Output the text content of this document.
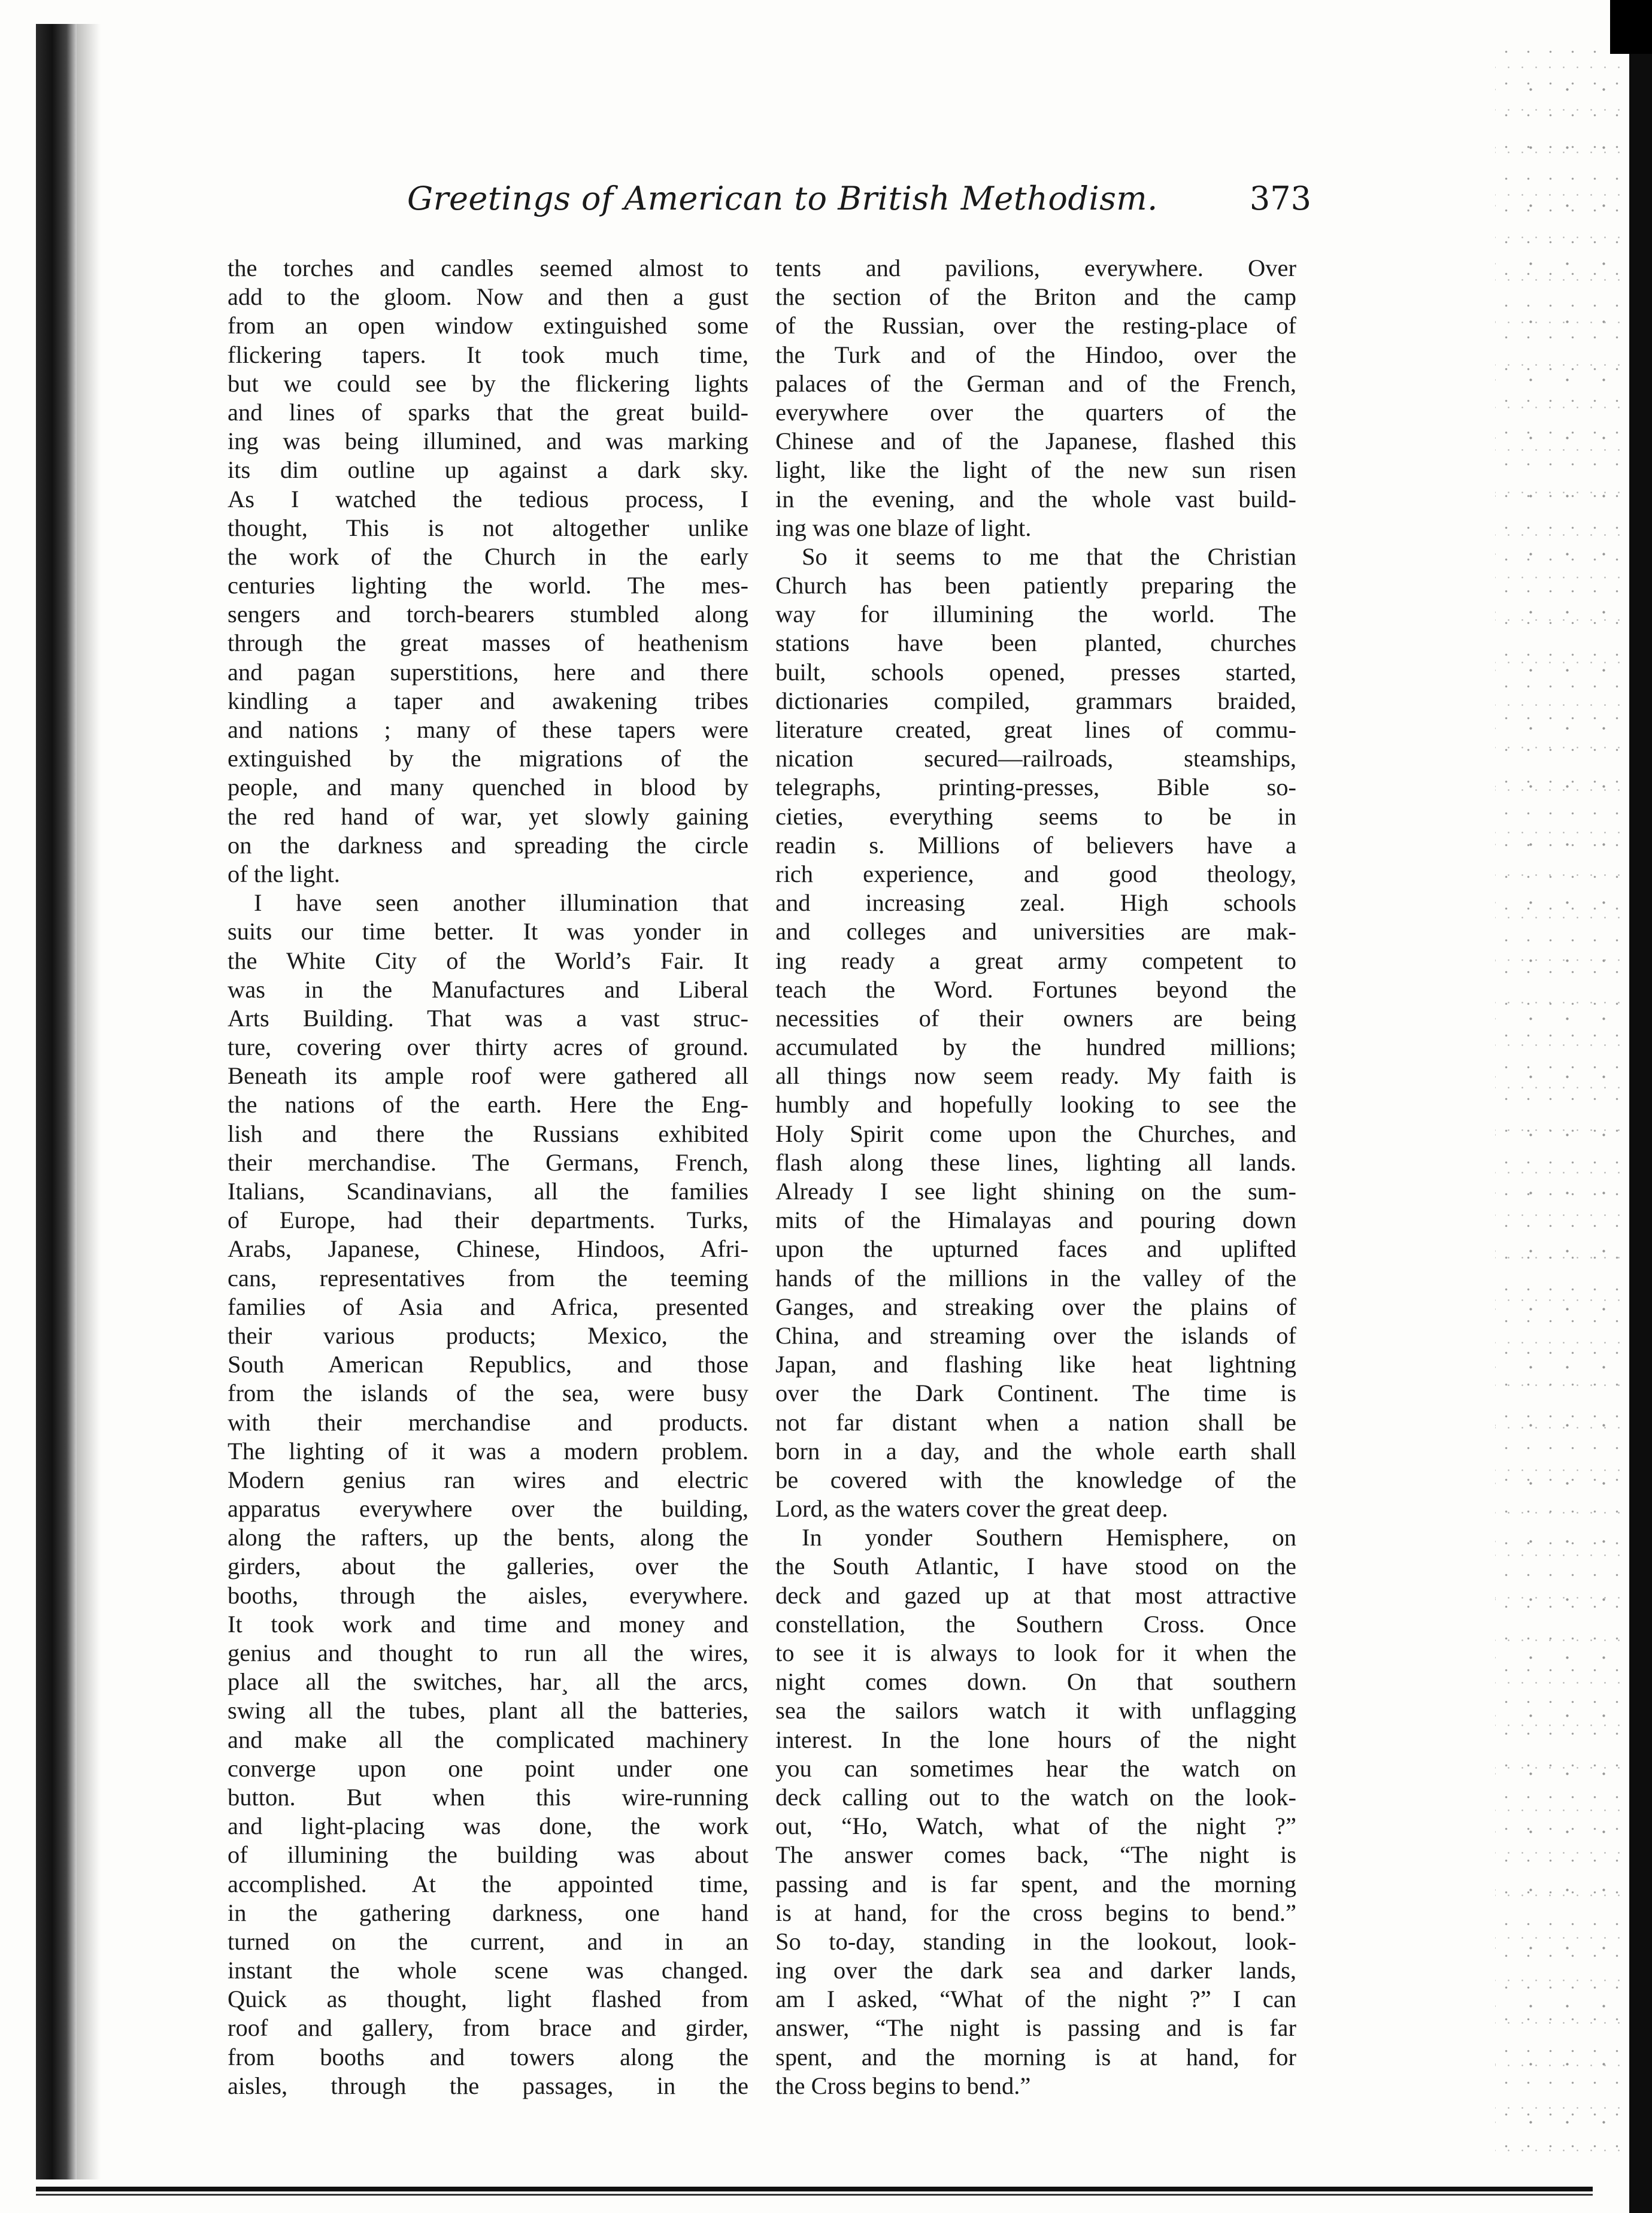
Greetings of American to British Methodism.	373
the torches and candles seemed almost to
add to the gloom. Now and then a gust
from an open window extinguished some
flickering tapers. It took much time,
but we could see by the flickering lights
and lines of sparks that the great build-
ing was being illumined, and was marking
its dim outline up against a dark sky.
As I watched the tedious process, I
thought, This is not altogether unlike
the work of the Church in the early
centuries lighting the world. The mes-
sengers and torch-bearers stumbled along
through the great masses of heathenism
and pagan superstitions, here and there
kindling a taper and awakening tribes
and nations ; many of these tapers were
extinguished by the migrations of the
people, and many quenched in blood by
the red hand of war, yet slowly gaining
on the darkness and spreading the circle
of the light.
I have seen another illumination that
suits our time better. It was yonder in
the White City of the World’s Fair. It
was in the Manufactures and Liberal
Arts Building. That was a vast struc-
ture, covering over thirty acres of ground.
Beneath its ample roof were gathered all
the nations of the earth. Here the Eng-
lish and there the Russians exhibited
their merchandise. The Germans, French,
Italians, Scandinavians, all the families
of Europe, had their departments. Turks,
Arabs, Japanese, Chinese, Hindoos, Afri-
cans, representatives from the teeming
families of Asia and Africa, presented
their various products; Mexico, the
South American Republics, and those
from the islands of the sea, were busy
with their merchandise and products.
The lighting of it was a modern problem.
Modern genius ran wires and electric
apparatus everywhere over the building,
along the rafters, up the bents, along the
girders, about the galleries, over the
booths, through the aisles, everywhere.
It took work and time and money and
genius and thought to run all the wires,
place all the switches, har¸ all the arcs,
swing all the tubes, plant all the batteries,
and make all the complicated machinery
converge upon one point under one
button. But when this wire-running
and light-placing was done, the work
of illumining the building was about
accomplished. At the appointed time,
in the gathering darkness, one hand
turned on the current, and in an
instant the whole scene was changed.
Quick as thought, light flashed from
roof and gallery, from brace and girder,
from booths and towers along the
aisles, through the passages, in the
tents and pavilions, everywhere. Over
the section of the Briton and the camp
of the Russian, over the resting-place of
the Turk and of the Hindoo, over the
palaces of the German and of the French,
everywhere over the quarters of the
Chinese and of the Japanese, flashed this
light, like the light of the new sun risen
in the evening, and the whole vast build-
ing was one blaze of light.
So it seems to me that the Christian
Church has been patiently preparing the
way for illumining the world. The
stations have been planted, churches
built, schools opened, presses started,
dictionaries compiled, grammars braided,
literature created, great lines of commu-
nication secured—railroads, steamships,
telegraphs, printing-presses, Bible so-
cieties, everything seems to be in
readin s. Millions of believers have a
rich experience, and good theology,
and increasing zeal. High schools
and colleges and universities are mak-
ing ready a great army competent to
teach the Word. Fortunes beyond the
necessities of their owners are being
accumulated by the hundred millions;
all things now seem ready. My faith is
humbly and hopefully looking to see the
Holy Spirit come upon the Churches, and
flash along these lines, lighting all lands.
Already I see light shining on the sum-
mits of the Himalayas and pouring down
upon the upturned faces and uplifted
hands of the millions in the valley of the
Ganges, and streaking over the plains of
China, and streaming over the islands of
Japan, and flashing like heat lightning
over the Dark Continent. The time is
not far distant when a nation shall be
born in a day, and the whole earth shall
be covered with the knowledge of the
Lord, as the waters cover the great deep.
In yonder Southern Hemisphere, on
the South Atlantic, I have stood on the
deck and gazed up at that most attractive
constellation, the Southern Cross. Once
to see it is always to look for it when the
night comes down. On that southern
sea the sailors watch it with unflagging
interest. In the lone hours of the night
you can sometimes hear the watch on
deck calling out to the watch on the look-
out, “Ho, Watch, what of the night ?”
The answer comes back, “The night is
passing and is far spent, and the morning
is at hand, for the cross begins to bend.”
So to-day, standing in the lookout, look-
ing over the dark sea and darker lands,
am I asked, “What of the night ?” I can
answer, “The night is passing and is far
spent, and the morning is at hand, for
the Cross begins to bend.”
